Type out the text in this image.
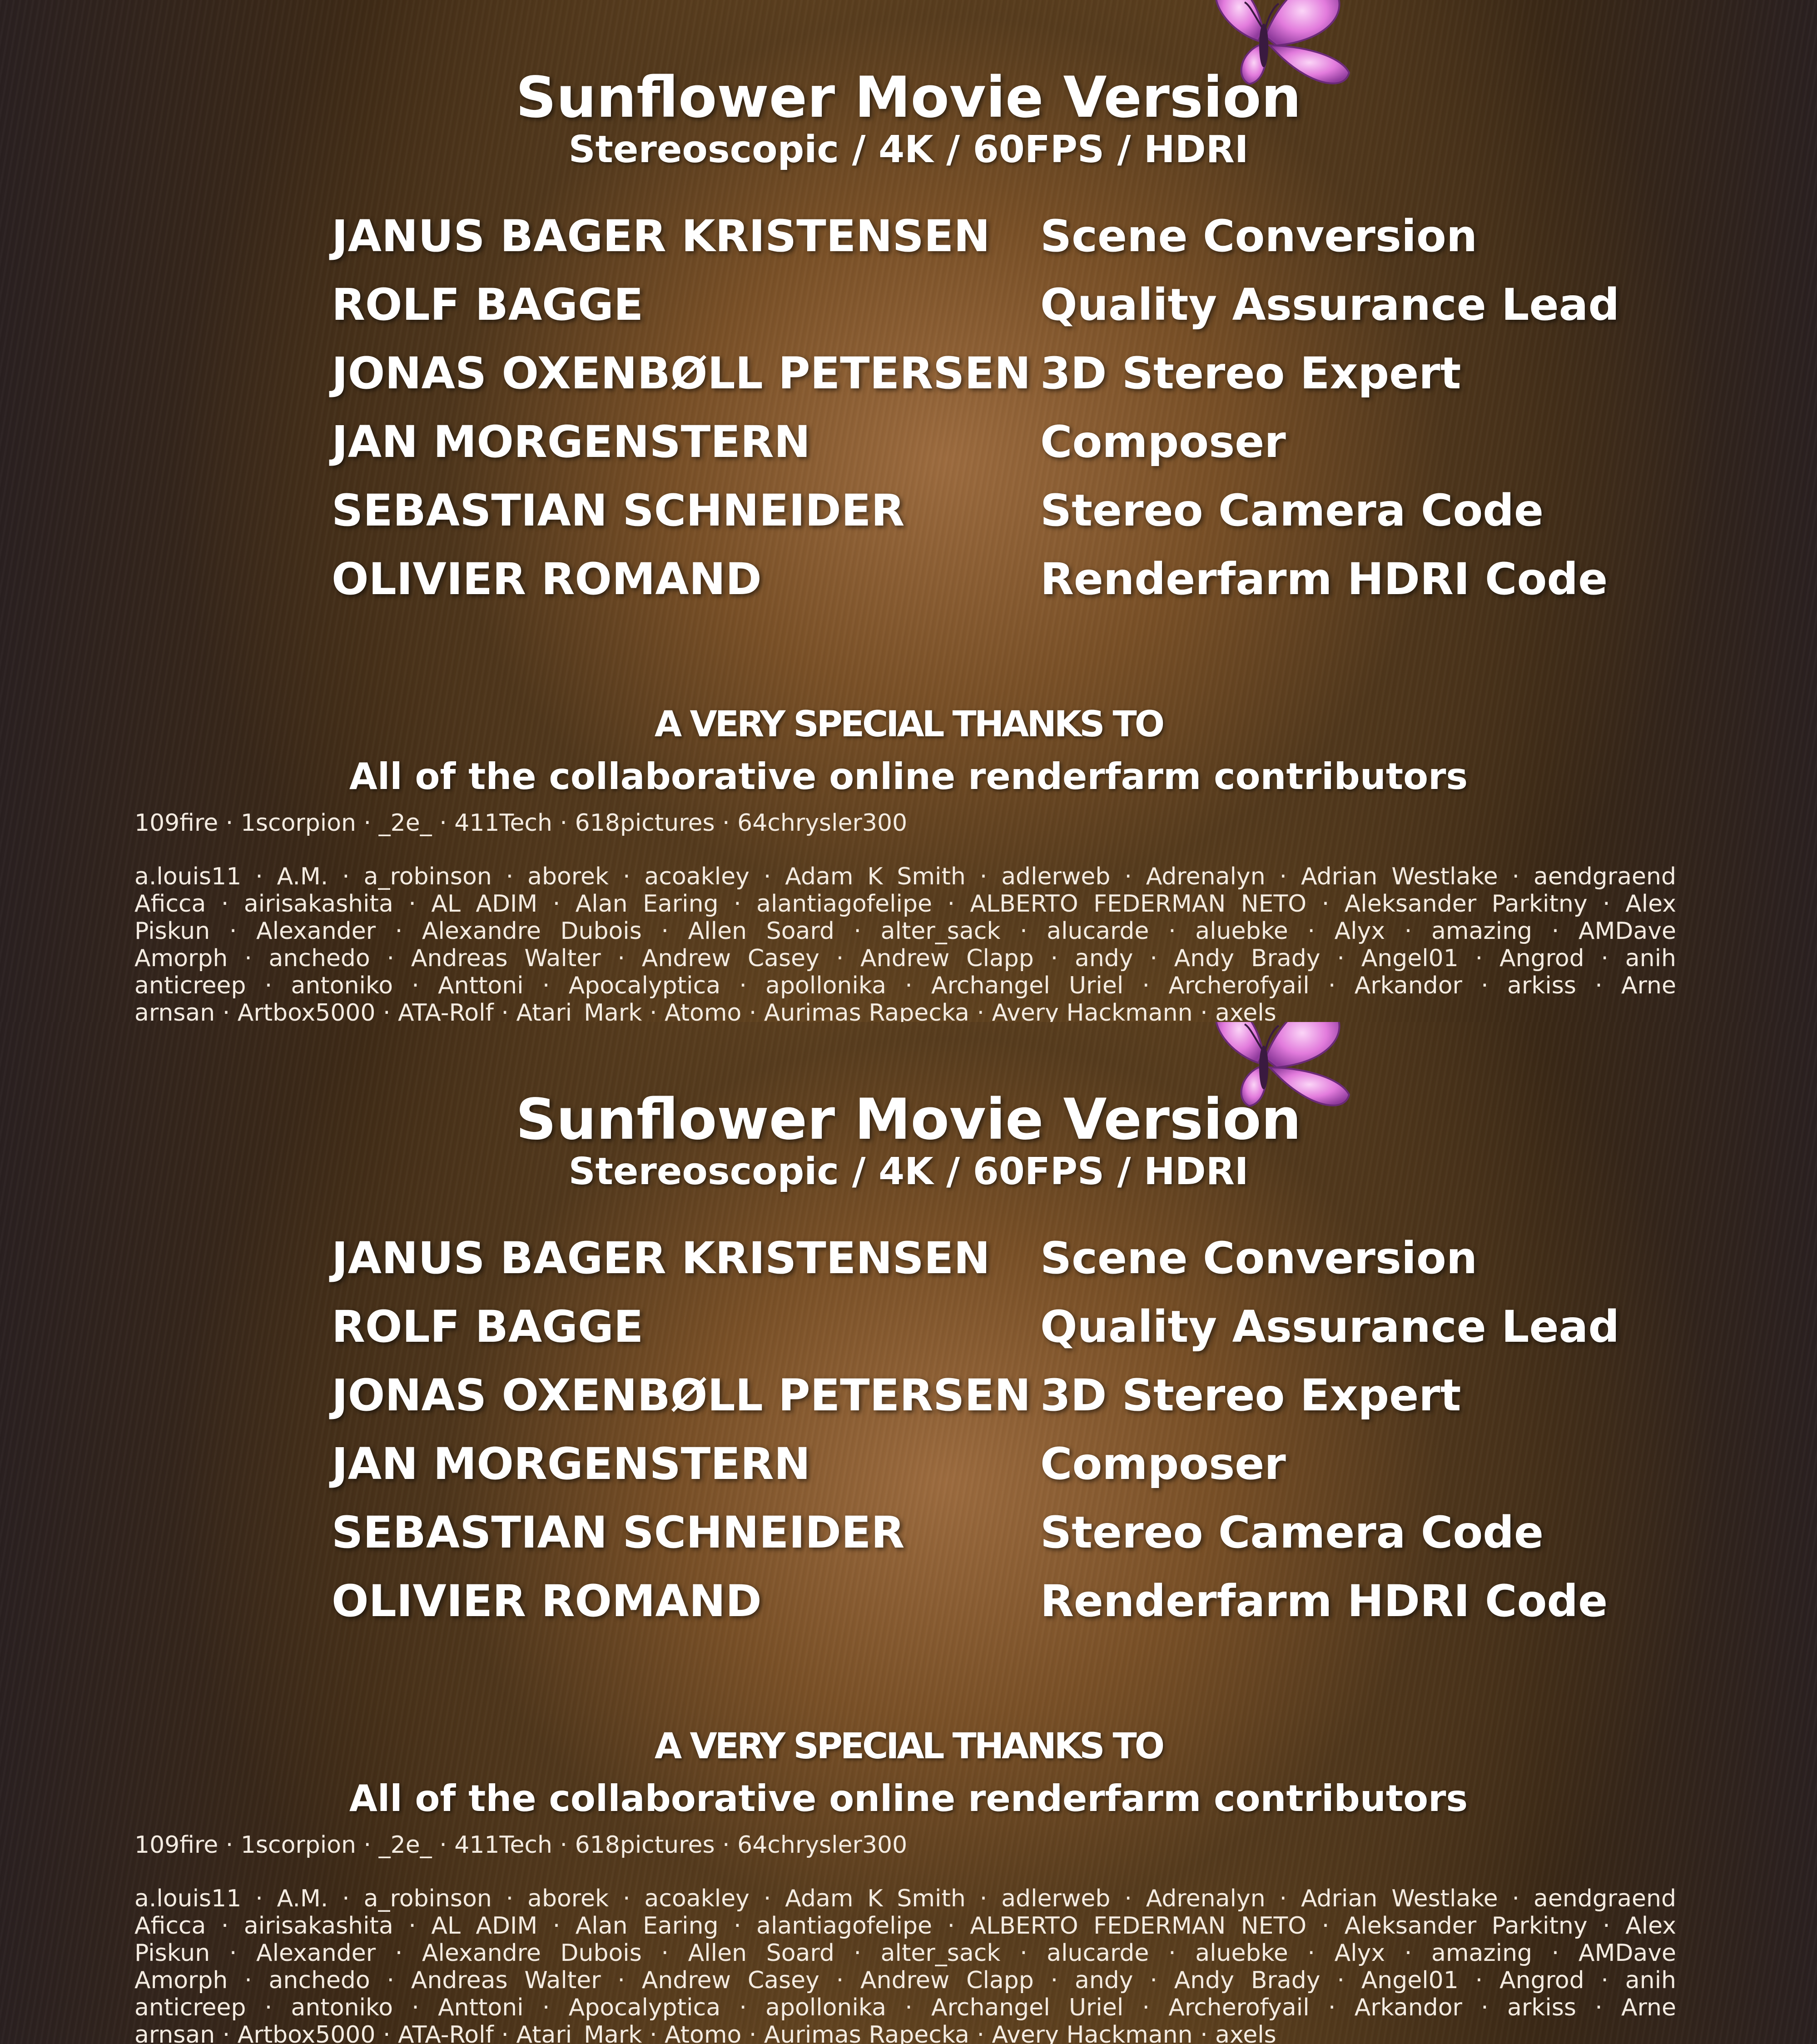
Sunflower Movie Version
Stereoscopic / 4K / 60FPS / HDRI
JANUS BAGER KRISTENSEN Scene Conversion
ROLF BAGGE	Quality Assurance Lead
JONAS OXENBØLL PETERSEN 3D Stereo Expert
JAN MORGENSTERN	Composer
SEBASTIAN SCHNEIDER	Stereo Camera Code
OLIVIER ROMAND	Renderfarm HDRI Code
A VERY SPECIAL THANKS TO
All of the collaborative online renderfarm contributors
109fire · 1scorpion · _2e_ · 411Tech · 618pictures · 64chrysler300
a.louis11 · A.M. · a_robinson · aborek · acoakley · Adam K Smith · adlerweb · Adrenalyn · Adrian Westlake · aendgraend
Aficca · airisakashita · AL ADIM · Alan Earing · alantiagofelipe · ALBERTO FEDERMAN NETO · Aleksander Parkitny · Alex
Piskun · Alexander · Alexandre Dubois · Allen Soard · alter_sack · alucarde · aluebke · Alyx · amazing · AMDave
Amorph · anchedo · Andreas Walter · Andrew Casey · Andrew Clapp · andy · Andy Brady · Angel01 · Angrod · anih
anticreep · antoniko · Anttoni · Apocalyptica · apollonika · Archangel Uriel · Archerofyail · Arkandor · arkiss · Arne
arnsan · Artbox5000 · ATA-Rolf · Atari_Mark · Atomo · Aurimas Rapecka · Avery Hackmann · axels
Sunflower Movie Version
Stereoscopic / 4K / 60FPS / HDRI
JANUS BAGER KRISTENSEN Scene Conversion
ROLF BAGGE	Quality Assurance Lead
JONAS OXENBØLL PETERSEN 3D Stereo Expert
JAN MORGENSTERN	Composer
SEBASTIAN SCHNEIDER	Stereo Camera Code
OLIVIER ROMAND	Renderfarm HDRI Code
A VERY SPECIAL THANKS TO
All of the collaborative online renderfarm contributors
109fire · 1scorpion · _2e_ · 411Tech · 618pictures · 64chrysler300
a.louis11 · A.M. · a_robinson · aborek · acoakley · Adam K Smith · adlerweb · Adrenalyn · Adrian Westlake · aendgraend
Aficca · airisakashita · AL ADIM · Alan Earing · alantiagofelipe · ALBERTO FEDERMAN NETO · Aleksander Parkitny · Alex
Piskun · Alexander · Alexandre Dubois · Allen Soard · alter_sack · alucarde · aluebke · Alyx · amazing · AMDave
Amorph · anchedo · Andreas Walter · Andrew Casey · Andrew Clapp · andy · Andy Brady · Angel01 · Angrod · anih
anticreep · antoniko · Anttoni · Apocalyptica · apollonika · Archangel Uriel · Archerofyail · Arkandor · arkiss · Arne
arnsan · Artbox5000 · ATA-Rolf · Atari_Mark · Atomo · Aurimas Rapecka · Avery Hackmann · axels
